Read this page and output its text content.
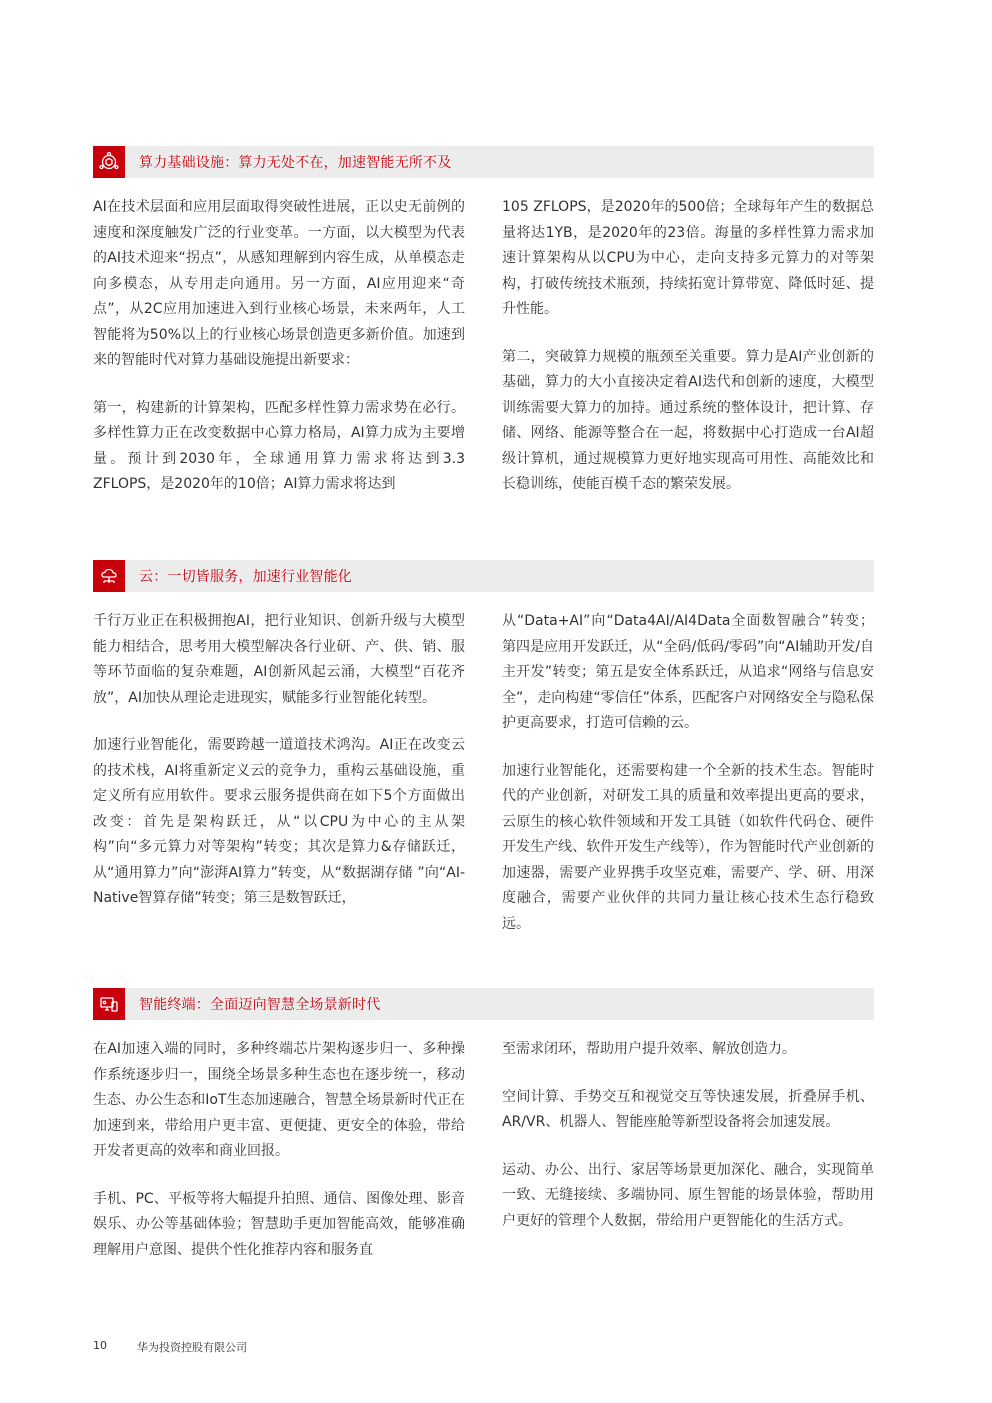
算力基础设施：算力无处不在，加速智能无所不及

AI在技术层面和应用层面取得突破性进展，正以史无前例的速度和深度触发广泛的行业变革。一方面，以大模型为代表的AI技术迎来“拐点”，从感知理解到内容生成，从单模态走向多模态，从专用走向通用。另一方面，AI应用迎来“奇点”，从2C应用加速进入到行业核心场景，未来两年，人工智能将为50%以上的行业核心场景创造更多新价值。加速到来的智能时代对算力基础设施提出新要求：

第一，构建新的计算架构，匹配多样性算力需求势在必行。多样性算力正在改变数据中心算力格局，AI算力成为主要增量。预计到2030年，全球通用算力需求将达到3.3 ZFLOPS，是2020年的10倍；AI算力需求将达到

105 ZFLOPS，是2020年的500倍；全球每年产生的数据总量将达1YB，是2020年的23倍。海量的多样性算力需求加速计算架构从以CPU为中心，走向支持多元算力的对等架构，打破传统技术瓶颈，持续拓宽计算带宽、降低时延、提升性能。

第二，突破算力规模的瓶颈至关重要。算力是AI产业创新的基础，算力的大小直接决定着AI迭代和创新的速度，大模型训练需要大算力的加持。通过系统的整体设计，把计算、存储、网络、能源等整合在一起，将数据中心打造成一台AI超级计算机，通过规模算力更好地实现高可用性、高能效比和长稳训练，使能百模千态的繁荣发展。

云：一切皆服务，加速行业智能化

千行万业正在积极拥抱AI，把行业知识、创新升级与大模型能力相结合，思考用大模型解决各行业研、产、供、销、服等环节面临的复杂难题，AI创新风起云涌，大模型“百花齐放”，AI加快从理论走进现实，赋能多行业智能化转型。

加速行业智能化，需要跨越一道道技术鸿沟。AI正在改变云的技术栈，AI将重新定义云的竞争力，重构云基础设施，重定义所有应用软件。要求云服务提供商在如下5个方面做出改变：首先是架构跃迁，从“以CPU为中心的主从架构”向“多元算力对等架构”转变；其次是算力&存储跃迁，从“通用算力”向“澎湃AI算力”转变，从“数据湖存储 ”向“AI-Native智算存储”转变；第三是数智跃迁，

从“Data+AI”向“Data4AI/AI4Data全面数智融合”转变；第四是应用开发跃迁，从“全码/低码/零码”向“AI辅助开发/自主开发”转变；第五是安全体系跃迁，从追求“网络与信息安全”，走向构建“零信任”体系，匹配客户对网络安全与隐私保护更高要求，打造可信赖的云。

加速行业智能化，还需要构建一个全新的技术生态。智能时代的产业创新，对研发工具的质量和效率提出更高的要求，云原生的核心软件领域和开发工具链（如软件代码仓、硬件开发生产线、软件开发生产线等），作为智能时代产业创新的加速器，需要产业界携手攻坚克难，需要产、学、研、用深度融合，需要产业伙伴的共同力量让核心技术生态行稳致远。

智能终端：全面迈向智慧全场景新时代

在AI加速入端的同时，多种终端芯片架构逐步归一、多种操作系统逐步归一，围绕全场景多种生态也在逐步统一，移动生态、办公生态和IoT生态加速融合，智慧全场景新时代正在加速到来，带给用户更丰富、更便捷、更安全的体验，带给开发者更高的效率和商业回报。

手机、PC、平板等将大幅提升拍照、通信、图像处理、影音娱乐、办公等基础体验；智慧助手更加智能高效，能够准确理解用户意图、提供个性化推荐内容和服务直

至需求闭环，帮助用户提升效率、解放创造力。

空间计算、手势交互和视觉交互等快速发展，折叠屏手机、AR/VR、机器人、智能座舱等新型设备将会加速发展。

运动、办公、出行、家居等场景更加深化、融合，实现简单一致、无缝接续、多端协同、原生智能的场景体验，帮助用户更好的管理个人数据，带给用户更智能化的生活方式。

10	华为投资控股有限公司
